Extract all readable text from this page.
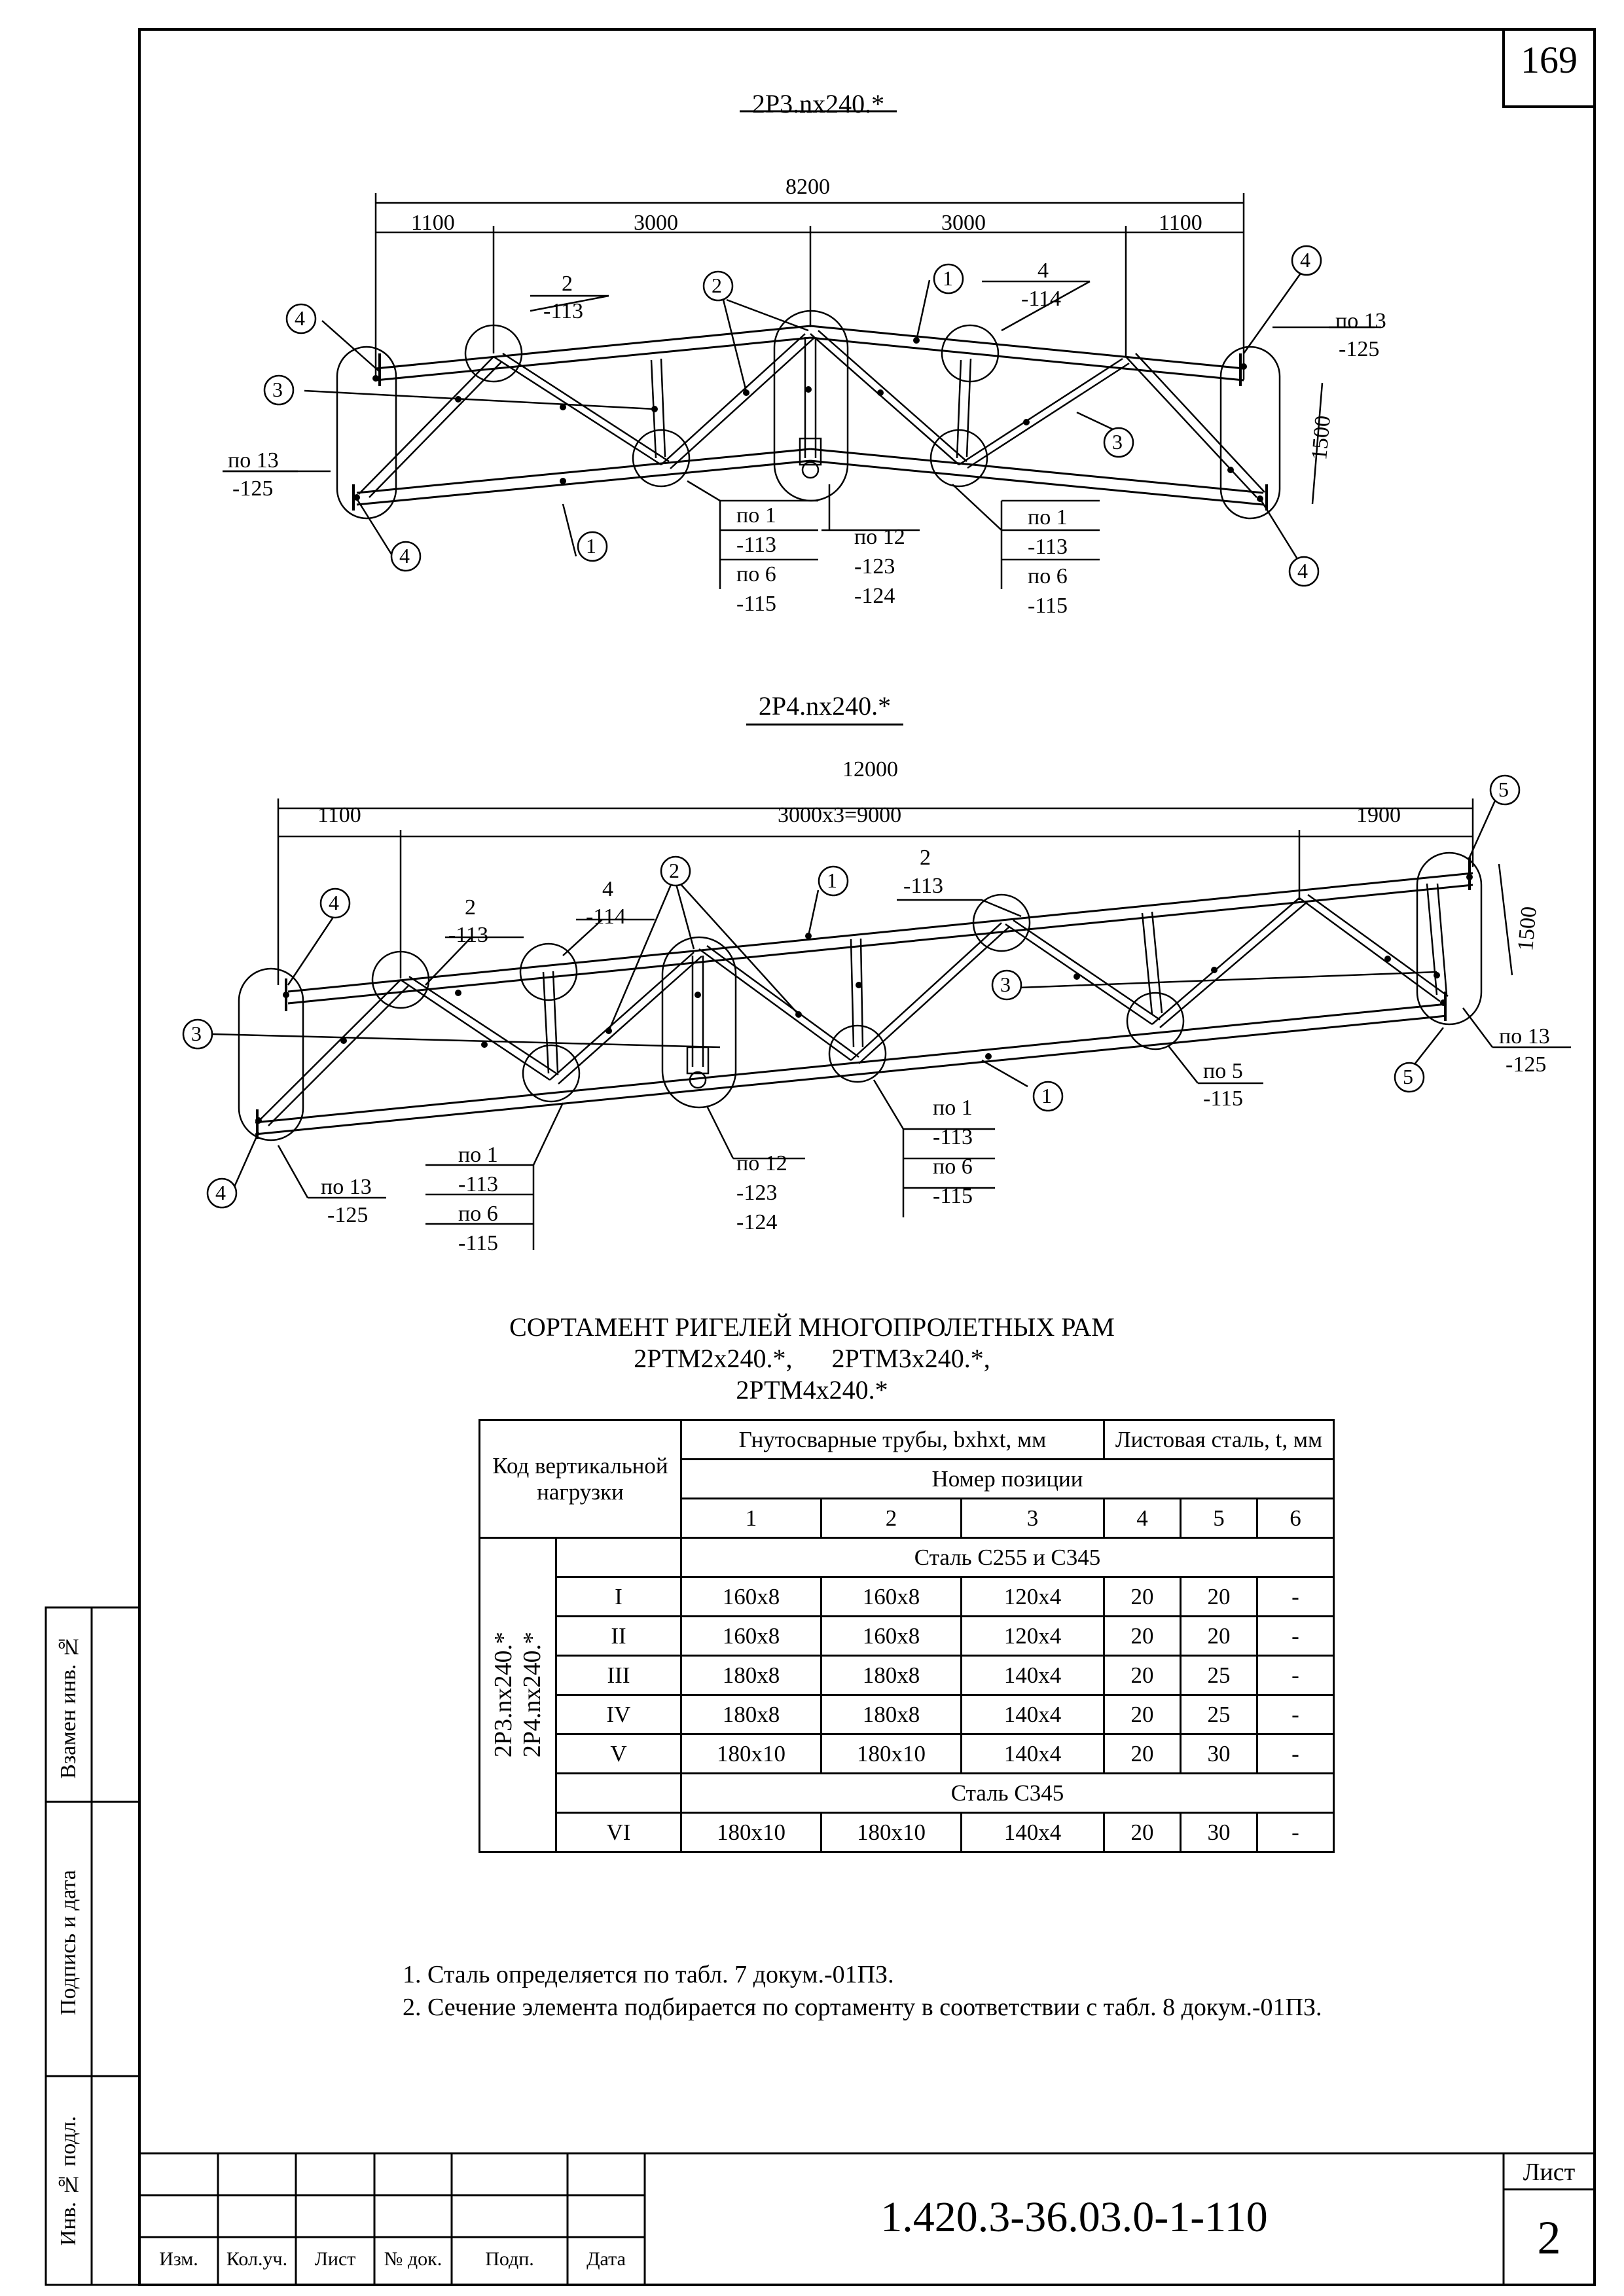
169
2Р3.nх240.*
8200
1100	3000	3000	1100
1500
2
-113
4
-114
2	1
4
4
3
3
4	1
4
по 13
-125
по 13
-125
по 1
-113
по 6
-115
по 12
-123
-124
по 1
-113
по 6
-115
2Р4.nх240.*
12000
1100	3000х3=9000	1900
1500
4	2
-113
4
-114
2	1
2
-113
5
3
3
5
1
4
по 13
-125
по 5
-115
по 13
-125
по 1
-113
по 6
-115
по 12
-123
-124
по 1
-113
по 6
-115
СОРТАМЕНТ РИГЕЛЕЙ МНОГОПРОЛЕТНЫХ РАМ
2РТМ2х240.*,      2РТМ3х240.*,
2РТМ4х240.*
Код вертикальной нагрузки		Гнутосварные трубы, bxhxt, мм			Листовая сталь, t, мм		
		Номер позиции					
		1	2	3	4	5	6

2Р3.nх240.* 2Р4.nх240.*		Сталь С255 и С345					
	I	160х8	160х8	120х4	20	20	-
	II	160х8	160х8	120х4	20	20	-
	III	180х8	180х8	140х4	20	25	-
	IV	180х8	180х8	140х4	20	25	-
	V	180х10	180х10	140х4	20	30	-
		Сталь С345					
	VI	180х10	180х10	140х4	20	30	-
1. Сталь определяется по табл. 7 докум.-01ПЗ.
2. Сечение элемента подбирается по сортаменту в соответствии с табл. 8 докум.-01ПЗ.
Взамен инв. №
Подпись и дата
Инв. № подл.	1.420.3-36.03.0-1-110
Лист
2
Изм.	Кол.уч.	Лист	№ док.	Подп.	Дата
